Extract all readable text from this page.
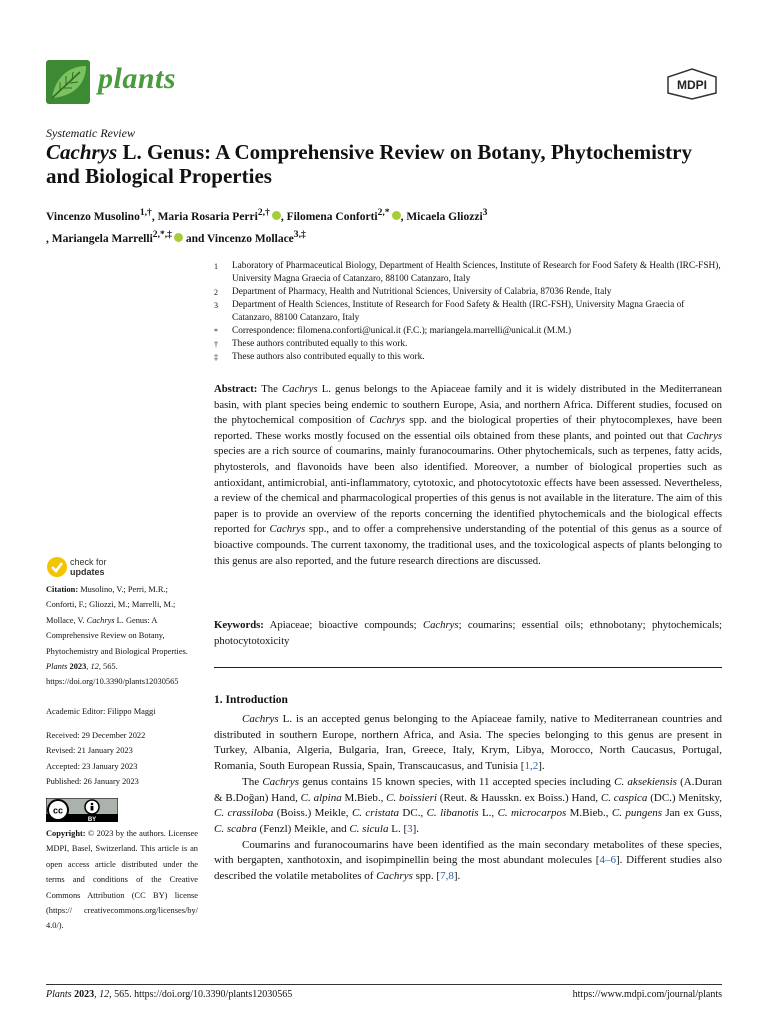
plants	MDPI
Systematic Review
Cachrys L. Genus: A Comprehensive Review on Botany, Phytochemistry and Biological Properties
Vincenzo Musolino$^{1,\dagger}$, Maria Rosaria Perri$^{2,\dagger}$ , Filomena Conforti$^{2,*}$ , Micaela Gliozzi$^3$
, Mariangela Marrelli$^{2,*,\ddagger}$ and Vincenzo Mollace$^{3,\ddagger}$
1	Laboratory of Pharmaceutical Biology, Department of Health Sciences, Institute of Research for Food Safety & Health (IRC-FSH), University Magna Graecia of Catanzaro, 88100 Catanzaro, Italy
2	Department of Pharmacy, Health and Nutritional Sciences, University of Calabria, 87036 Rende, Italy
3	Department of Health Sciences, Institute of Research for Food Safety & Health (IRC-FSH), University Magna Graecia of Catanzaro, 88100 Catanzaro, Italy
*	Correspondence: filomena.conforti@unical.it (F.C.); mariangela.marrelli@unical.it (M.M.)
†	These authors contributed equally to this work.
‡	These authors also contributed equally to this work.
Abstract: The Cachrys L. genus belongs to the Apiaceae family and it is widely distributed in the Mediterranean basin, with plant species being endemic to southern Europe, Asia, and northern Africa. Different studies, focused on the phytochemical composition of Cachrys spp. and the biological properties of their phytocomplexes, have been reported. These works mostly focused on the essential oils obtained from these plants, and pointed out that Cachrys species are a rich source of coumarins, mainly furanocoumarins. Other phytochemicals, such as terpenes, fatty acids, phytosterols, and flavonoids have been also identified. Moreover, a number of biological properties such as antioxidant, antimicrobial, anti-inflammatory, cytotoxic, and photocytotoxic effects have been assessed. Nevertheless, a review of the chemical and pharmacological properties of this genus is not available in the literature. The aim of this paper is to provide an overview of the reports concerning the identified phytochemicals and the biological effects reported for Cachrys spp., and to offer a comprehensive understanding of the potential of this genus as a source of bioactive compounds. The current taxonomy, the traditional uses, and the toxicological aspects of plants belonging to this genus are also reported, and the future research directions are discussed.
Keywords: Apiaceae; bioactive compounds; Cachrys; coumarins; essential oils; ethnobotany; phytochemicals; photocytotoxicity
1. Introduction

Cachrys L. is an accepted genus belonging to the Apiaceae family, native to Mediterranean countries and distributed in southern Europe, northern Africa, and Asia. The species belonging to this genus are present in Turkey, Albania, Algeria, Bulgaria, Iran, Greece, Italy, Krym, Libya, Morocco, North Caucasus, Portugal, Romania, South European Russia, Spain, Transcaucasus, and Tunisia [1,2].

The Cachrys genus contains 15 known species, with 11 accepted species including C. aksekiensis (A.Duran & B.Doğan) Hand, C. alpina M.Bieb., C. boissieri (Reut. & Hausskn. ex Boiss.) Hand, C. caspica (DC.) Menitsky, C. crassiloba (Boiss.) Meikle, C. cristata DC., C. libanotis L., C. microcarpos M.Bieb., C. pungens Jan ex Guss, C. scabra (Fenzl) Meikle, and C. sicula L. [3].

Coumarins and furanocoumarins have been identified as the main secondary metabolites of these species, with bergapten, xanthotoxin, and isopimpinellin being the most abundant molecules [4–6]. Different studies also described the volatile metabolites of Cachrys spp. [7,8].

check for
updates
Citation: Musolino, V.; Perri, M.R.; Conforti, F.; Gliozzi, M.; Marrelli, M.; Mollace, V. Cachrys L. Genus: A Comprehensive Review on Botany, Phytochemistry and Biological Properties. Plants 2023, 12, 565. https://doi.org/10.3390/plants12030565
Academic Editor: Filippo Maggi
Received: 29 December 2022
Revised: 21 January 2023
Accepted: 23 January 2023
Published: 26 January 2023
cc
BY
Copyright: © 2023 by the authors. Licensee MDPI, Basel, Switzerland. This article is an open access article distributed under the terms and conditions of the Creative Commons Attribution (CC BY) license (https:// creativecommons.org/licenses/by/ 4.0/).
Plants 2023, 12, 565. https://doi.org/10.3390/plants12030565	https://www.mdpi.com/journal/plants
